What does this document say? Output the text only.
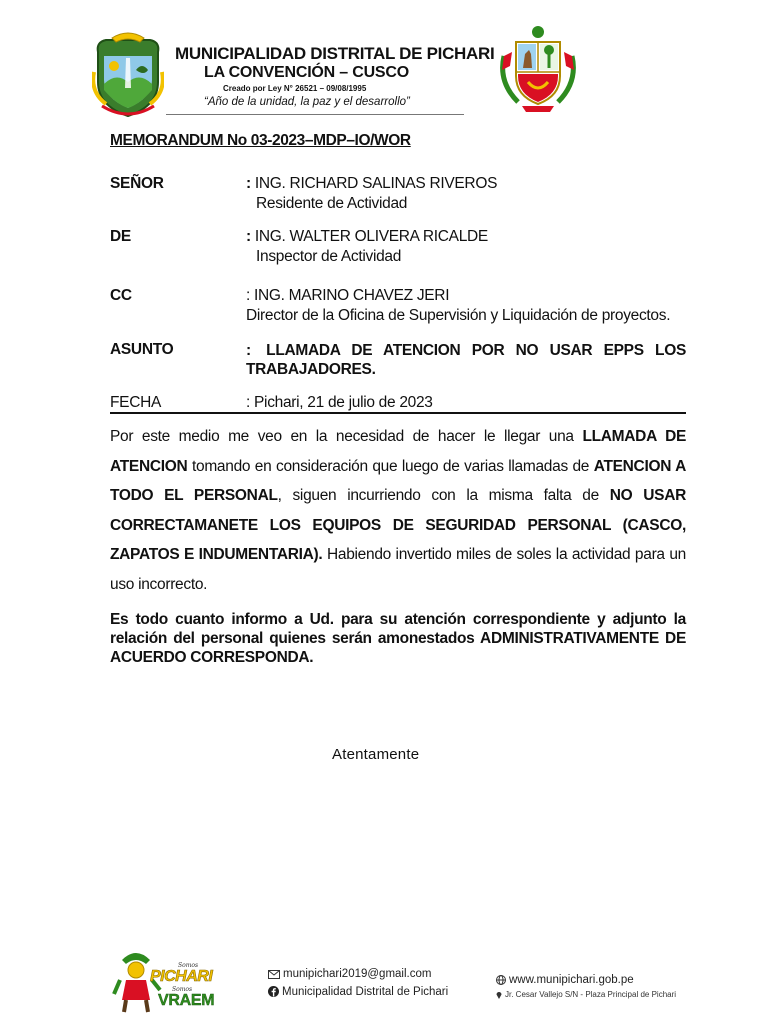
MUNICIPALIDAD DISTRITAL DE PICHARI
LA CONVENCIÓN – CUSCO
Creado por Ley N° 26521 – 09/08/1995
“Año de la unidad, la paz y el desarrollo”
MEMORANDUM No 03-2023–MDP–IO/WOR
SEÑOR	: ING. RICHARD SALINAS RIVEROS
Residente de Actividad
DE	: ING. WALTER OLIVERA RICALDE
Inspector de Actividad
CC	: ING. MARINO CHAVEZ JERI
Director de la Oficina de Supervisión y Liquidación de proyectos.
ASUNTO	: LLAMADA DE ATENCION POR NO USAR EPPS LOS TRABAJADORES.
FECHA	: Pichari, 21 de julio de 2023
Por este medio me veo en la necesidad de hacer le llegar una LLAMADA DE ATENCION tomando en consideración que luego de varias llamadas de ATENCION A TODO EL PERSONAL, siguen incurriendo con la misma falta de NO USAR CORRECTAMANETE LOS EQUIPOS DE SEGURIDAD PERSONAL (CASCO, ZAPATOS E INDUMENTARIA). Habiendo invertido miles de soles la actividad para un uso incorrecto.
Es todo cuanto informo a Ud. para su atención correspondiente y adjunto la relación del personal quienes serán amonestados ADMINISTRATIVAMENTE DE ACUERDO CORRESPONDA.
Atentamente
Somos
PICHARI
Somos
VRAEM
munipichari2019@gmail.com
Municipalidad Distrital de Pichari
www.munipichari.gob.pe
Jr. Cesar Vallejo S/N - Plaza Principal de Pichari
